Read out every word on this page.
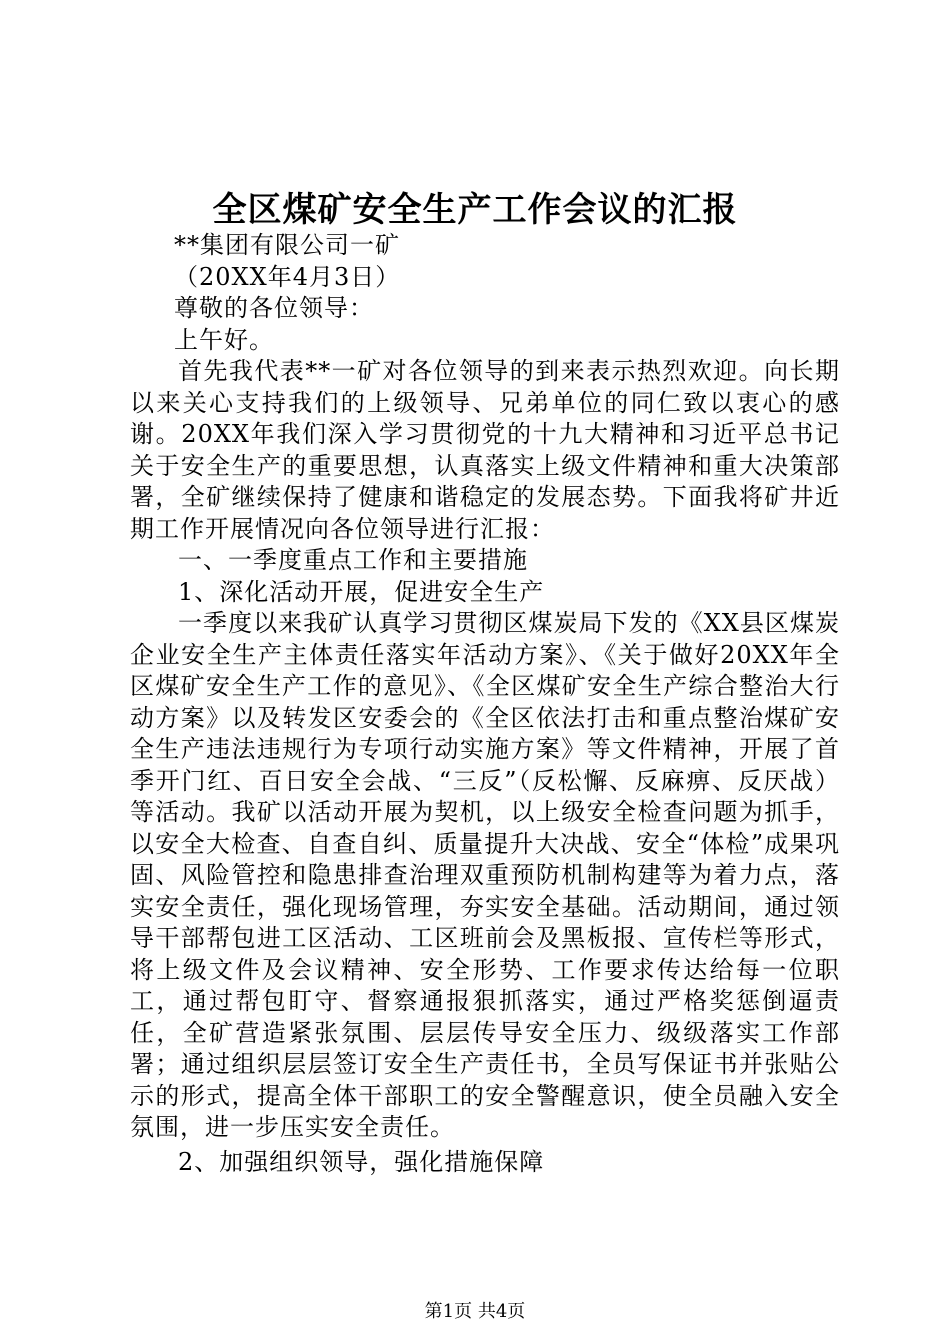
全区煤矿安全生产工作会议的汇报

**集团有限公司一矿

（20XX年4月3日）

尊敬的各位领导：

上午好。

首先我代表**一矿对各位领导的到来表示热烈欢迎。向长期以来关心支持我们的上级领导、兄弟单位的同仁致以衷心的感谢。20XX年我们深入学习贯彻党的十九大精神和习近平总书记关于安全生产的重要思想，认真落实上级文件精神和重大决策部署，全矿继续保持了健康和谐稳定的发展态势。下面我将矿井近期工作开展情况向各位领导进行汇报：

一、一季度重点工作和主要措施

1、深化活动开展，促进安全生产

一季度以来我矿认真学习贯彻区煤炭局下发的《XX县区煤炭企业安全生产主体责任落实年活动方案》、《关于做好20XX年全区煤矿安全生产工作的意见》、《全区煤矿安全生产综合整治大行动方案》以及转发区安委会的《全区依法打击和重点整治煤矿安全生产违法违规行为专项行动实施方案》等文件精神，开展了首季开门红、百日安全会战、“三反”（反松懈、反麻痹、反厌战）等活动。我矿以活动开展为契机，以上级安全检查问题为抓手，以安全大检查、自查自纠、质量提升大决战、安全“体检”成果巩固、风险管控和隐患排查治理双重预防机制构建等为着力点，落实安全责任，强化现场管理，夯实安全基础。活动期间，通过领导干部帮包进工区活动、工区班前会及黑板报、宣传栏等形式，将上级文件及会议精神、安全形势、工作要求传达给每一位职工，通过帮包盯守、督察通报狠抓落实，通过严格奖惩倒逼责任，全矿营造紧张氛围、层层传导安全压力、级级落实工作部署；通过组织层层签订安全生产责任书，全员写保证书并张贴公示的形式，提高全体干部职工的安全警醒意识，使全员融入安全氛围，进一步压实安全责任。

2、加强组织领导，强化措施保障

第1页 共4页
